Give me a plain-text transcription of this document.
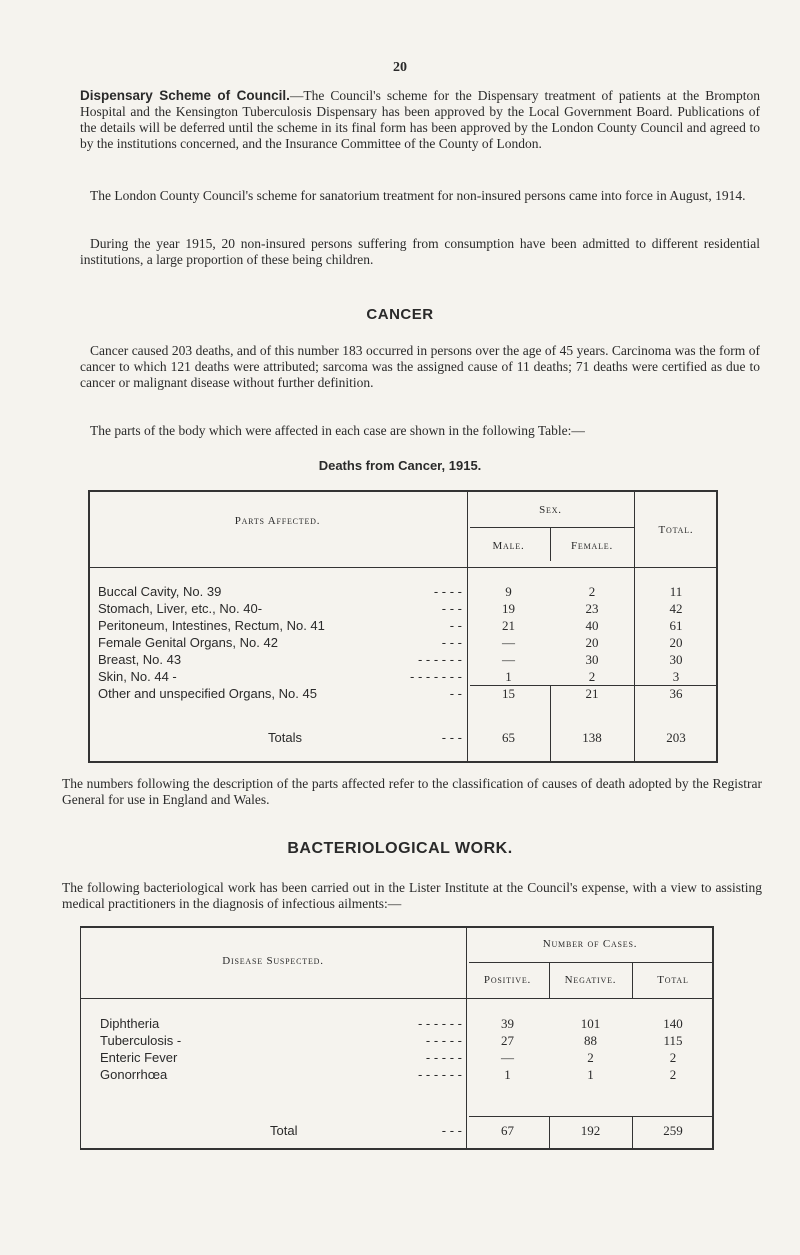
20

Dispensary Scheme of Council.—The Council's scheme for the Dispensary treatment of patients at the Brompton Hospital and the Kensington Tuberculosis Dispensary has been approved by the Local Government Board. Publications of the details will be deferred until the scheme in its final form has been approved by the London County Council and agreed to by the institutions concerned, and the Insurance Committee of the County of London.

The London County Council's scheme for sanatorium treatment for non-insured persons came into force in August, 1914.

During the year 1915, 20 non-insured persons suffering from consumption have been admitted to different residential institutions, a large proportion of these being children.

CANCER

Cancer caused 203 deaths, and of this number 183 occurred in persons over the age of 45 years. Carcinoma was the form of cancer to which 121 deaths were attributed; sarcoma was the assigned cause of 11 deaths; 71 deaths were certified as due to cancer or malignant disease without further definition.

The parts of the body which were affected in each case are shown in the following Table:—

Deaths from Cancer, 1915.
Parts Affected.
Sex.
Male.	Female.
Total.
Buccal Cavity, No. 39	- - - -	9	2	11
Stomach, Liver, etc., No. 40-	- - -	19	23	42
Peritoneum, Intestines, Rectum, No. 41	- -	21	40	61
Female Genital Organs, No. 42	- - -	—	20	20
Breast, No. 43	- - - - - -	—	30	30
Skin, No. 44 -	- - - - - - -	1	2	3
Other and unspecified Organs, No. 45	- -	15	21	36
Totals	- - -	65	138	203

The numbers following the description of the parts affected refer to the classification of causes of death adopted by the Registrar General for use in England and Wales.

BACTERIOLOGICAL WORK.

The following bacteriological work has been carried out in the Lister Institute at the Council's expense, with a view to assisting medical practitioners in the diagnosis of infectious ailments:—

Disease Suspected.
Number of Cases.
Positive.	Negative.	Total
Diphtheria	- - - - - -	39	101	140
Tuberculosis -	- - - - -	27	88	115
Enteric Fever	- - - - -	—	2	2
Gonorrhœa	- - - - - -	1	1	2
Total	- - -	67	192	259
